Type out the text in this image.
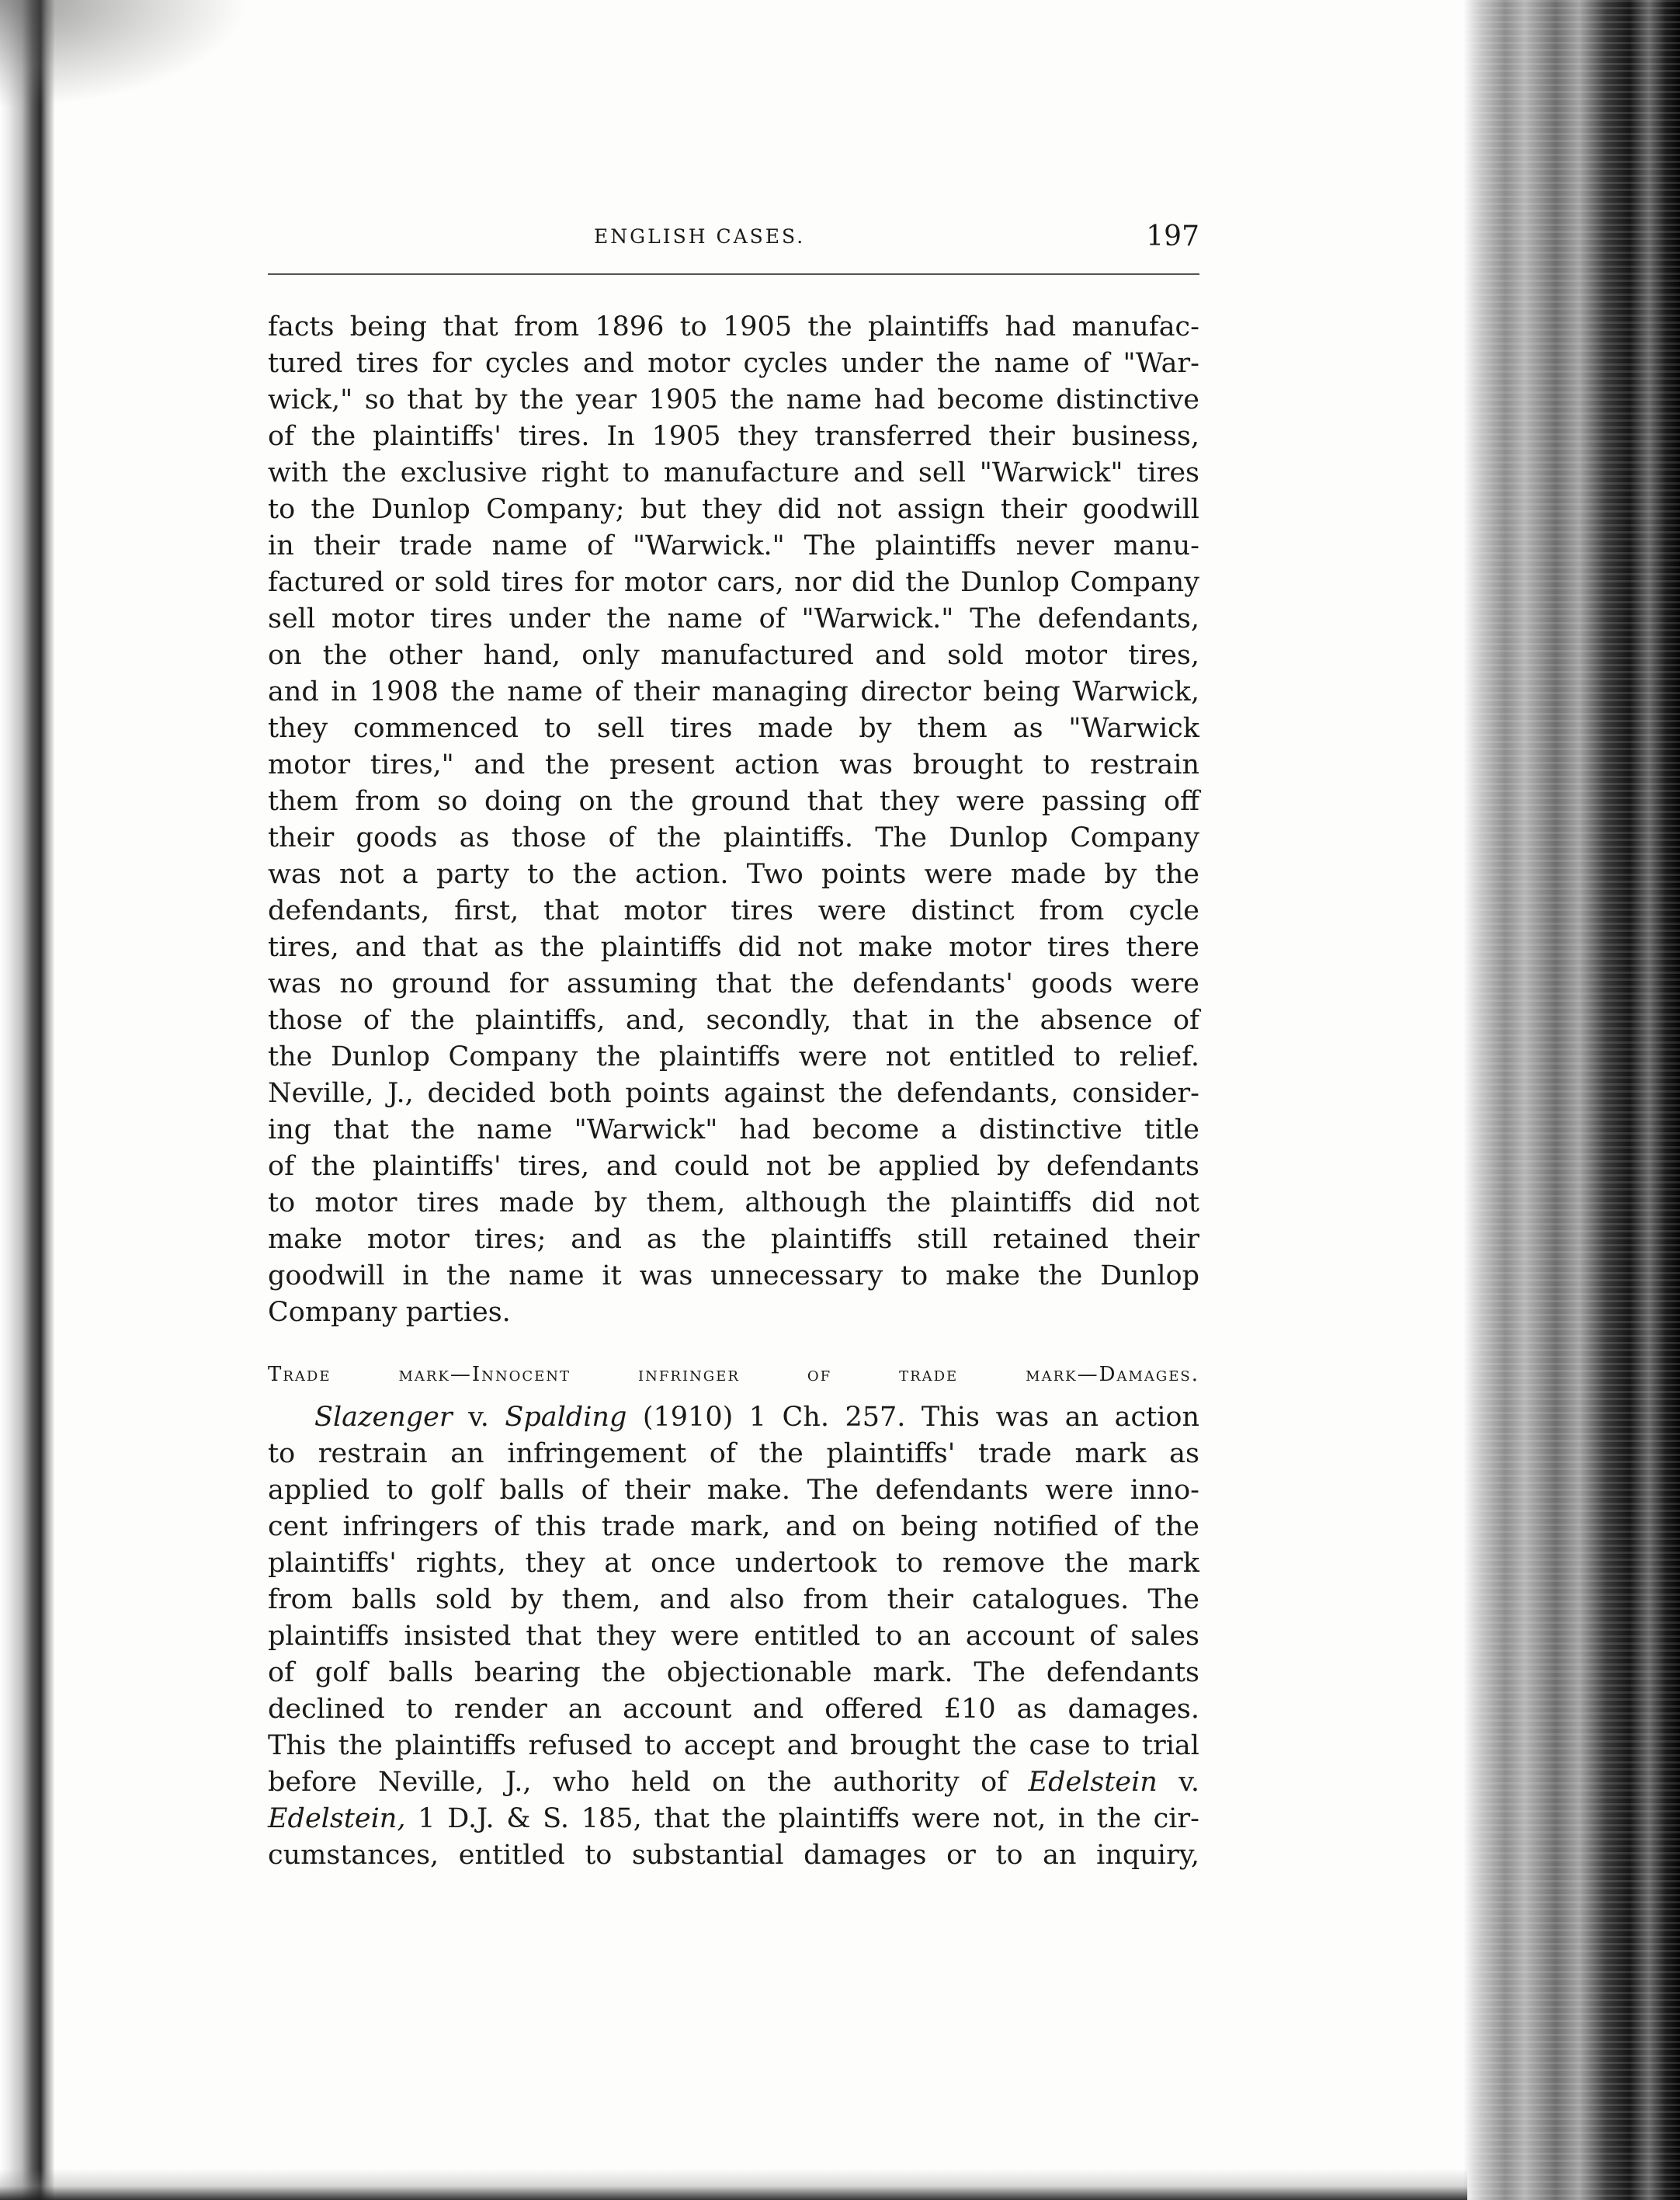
ENGLISH CASES.	197
facts being that from 1896 to 1905 the plaintiffs had manufac-
tured tires for cycles and motor cycles under the name of "War-
wick," so that by the year 1905 the name had become distinctive
of the plaintiffs' tires. In 1905 they transferred their business,
with the exclusive right to manufacture and sell "Warwick" tires
to the Dunlop Company; but they did not assign their goodwill
in their trade name of "Warwick." The plaintiffs never manu-
factured or sold tires for motor cars, nor did the Dunlop Company
sell motor tires under the name of "Warwick." The defendants,
on the other hand, only manufactured and sold motor tires,
and in 1908 the name of their managing director being Warwick,
they commenced to sell tires made by them as "Warwick
motor tires," and the present action was brought to restrain
them from so doing on the ground that they were passing off
their goods as those of the plaintiffs. The Dunlop Company
was not a party to the action. Two points were made by the
defendants, first, that motor tires were distinct from cycle
tires, and that as the plaintiffs did not make motor tires there
was no ground for assuming that the defendants' goods were
those of the plaintiffs, and, secondly, that in the absence of
the Dunlop Company the plaintiffs were not entitled to relief.
Neville, J., decided both points against the defendants, consider-
ing that the name "Warwick" had become a distinctive title
of the plaintiffs' tires, and could not be applied by defendants
to motor tires made by them, although the plaintiffs did not
make motor tires; and as the plaintiffs still retained their
goodwill in the name it was unnecessary to make the Dunlop
Company parties.
Trade mark—Innocent infringer of trade mark—Damages.
Slazenger v. Spalding (1910) 1 Ch. 257. This was an action
to restrain an infringement of the plaintiffs' trade mark as
applied to golf balls of their make. The defendants were inno-
cent infringers of this trade mark, and on being notified of the
plaintiffs' rights, they at once undertook to remove the mark
from balls sold by them, and also from their catalogues. The
plaintiffs insisted that they were entitled to an account of sales
of golf balls bearing the objectionable mark. The defendants
declined to render an account and offered £10 as damages.
This the plaintiffs refused to accept and brought the case to trial
before Neville, J., who held on the authority of Edelstein v.
Edelstein, 1 D.J. & S. 185, that the plaintiffs were not, in the cir-
cumstances, entitled to substantial damages or to an inquiry,
